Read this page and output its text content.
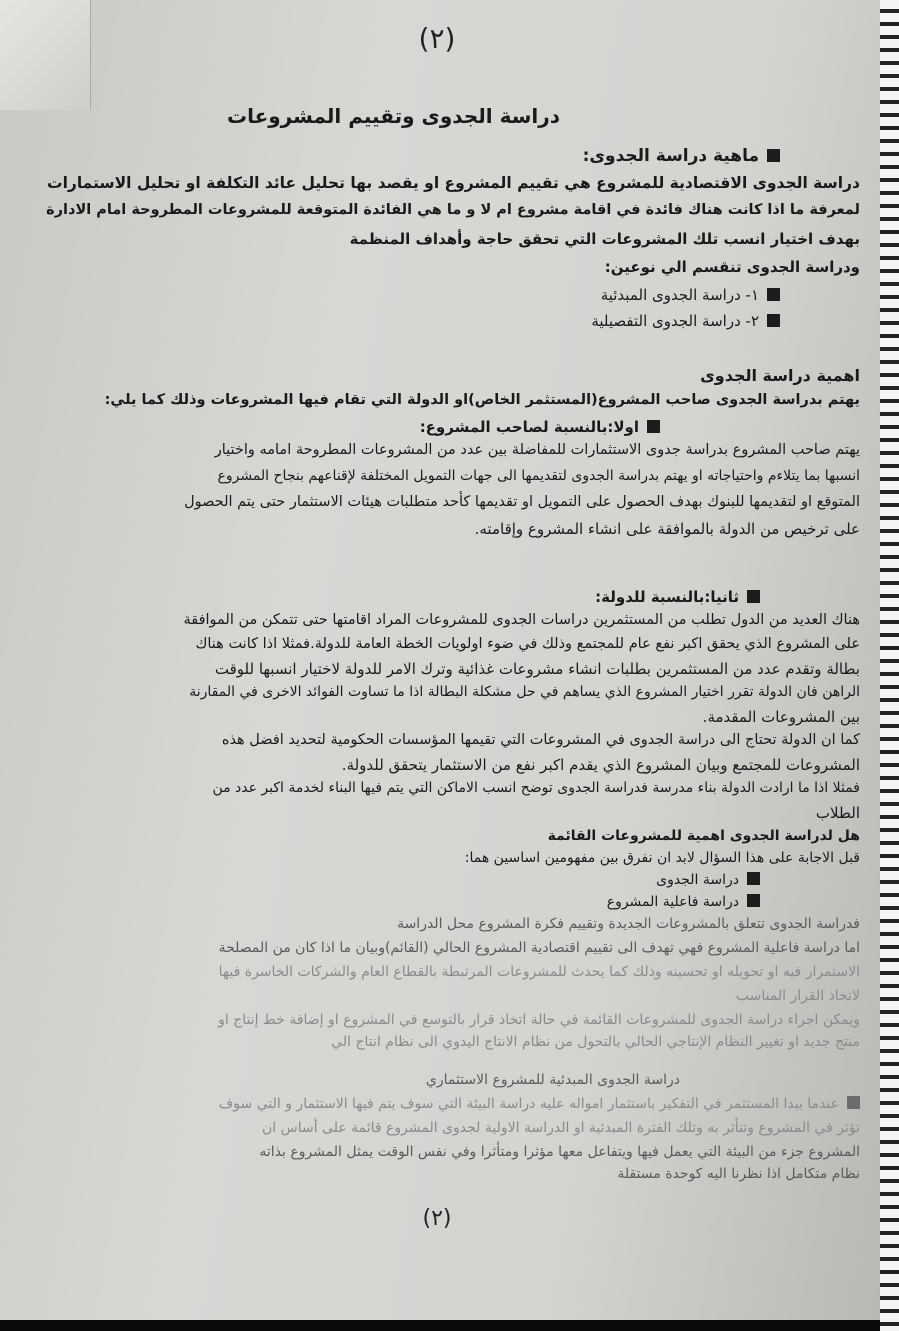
(٢)
دراسة الجدوى وتقييم المشروعات
ماهية دراسة الجدوى:
دراسة الجدوى الاقتصادية للمشروع هي تقييم المشروع او يقصد بها تحليل عائد التكلفة او تحليل الاستمارات
لمعرفة ما اذا كانت هناك فائدة في اقامة مشروع ام لا و ما هي الفائدة المتوقعة للمشروعات المطروحة امام الادارة
بهدف اختيار انسب تلك المشروعات التي تحقق حاجة وأهداف المنظمة
ودراسة الجدوى تنقسم الي نوعين:
١- دراسة الجدوى المبدئية
٢- دراسة الجدوى التفصيلية
اهمية دراسة الجدوى
يهتم بدراسة الجدوى صاحب المشروع(المستثمر الخاص)او الدولة التي تقام فيها المشروعات وذلك كما يلي:
اولا:بالنسبة لصاحب المشروع:
يهتم صاحب المشروع بدراسة جدوى الاستثمارات للمفاضلة بين عدد من المشروعات المطروحة امامه واختيار
انسبها بما يتلاءم واحتياجاته او يهتم بدراسة الجدوى لتقديمها الى جهات التمويل المختلفة لإقناعهم بنجاح المشروع
المتوقع او لتقديمها للبنوك بهدف الحصول على التمويل او تقديمها كأحد متطلبات هيئات الاستثمار حتى يتم الحصول
على ترخيص من الدولة بالموافقة على انشاء المشروع وإقامته.
ثانيا:بالنسبة للدولة:
هناك العديد من الدول تطلب من المستثمرين دراسات الجدوى للمشروعات المراد اقامتها حتى تتمكن من الموافقة
على المشروع الذي يحقق اكبر نفع عام للمجتمع وذلك في ضوء اولويات الخطة العامة للدولة.فمثلا اذا كانت هناك
بطالة وتقدم عدد من المستثمرين بطلبات انشاء مشروعات غذائية وترك الامر للدولة لاختيار انسبها للوقت
الراهن فان الدولة تقرر اختيار المشروع الذي يساهم في حل مشكلة البطالة اذا ما تساوت الفوائد الاخرى في المقارنة
بين المشروعات المقدمة.
كما ان الدولة تحتاج الى دراسة الجدوى في المشروعات التي تقيمها المؤسسات الحكومية لتحديد افضل هذه
المشروعات للمجتمع وبيان المشروع الذي يقدم اكبر نفع من الاستثمار يتحقق للدولة.
فمثلا اذا ما ارادت الدولة بناء مدرسة فدراسة الجدوى توضح انسب الاماكن التي يتم فيها البناء لخدمة اكبر عدد من
الطلاب
هل لدراسة الجدوى اهمية للمشروعات القائمة
قبل الاجابة على هذا السؤال لابد ان نفرق بين مفهومين اساسين هما:
دراسة الجدوى
دراسة فاعلية المشروع
فدراسة الجدوى تتعلق بالمشروعات الجديدة وتقييم فكرة المشروع محل الدراسة
اما دراسة فاعلية المشروع فهي تهدف الى تقييم اقتصادية المشروع الحالي (القائم)وبيان ما اذا كان من المصلحة
الاستمرار فيه او تحويله او تحسينه وذلك كما يحدث للمشروعات المرتبطة بالقطاع العام والشركات الخاسرة فيها
لاتخاذ القرار المناسب
ويمكن اجراء دراسة الجدوى للمشروعات القائمة في حالة اتخاذ قرار بالتوسع في المشروع او إضافة خط إنتاج او
منتج جديد او تغيير النظام الإنتاجي الحالي بالتحول من نظام الانتاج اليدوي الى نظام انتاج الي
دراسة الجدوى المبدئية للمشروع الاستثماري
عندما يبدا المستثمر في التفكير باستثمار امواله عليه دراسة البيئة التي سوف يتم فيها الاستثمار و التي سوف
تؤثر في المشروع وتتأثر به وتلك الفترة المبدئية او الدراسة الاولية لجدوى المشروع قائمة على أساس ان
المشروع جزء من البيئة التي يعمل فيها ويتفاعل معها مؤثرا ومتأثرا وفي نفس الوقت يمثل المشروع بذاته
نظام متكامل اذا نظرنا اليه كوحدة مستقلة
(٢)
